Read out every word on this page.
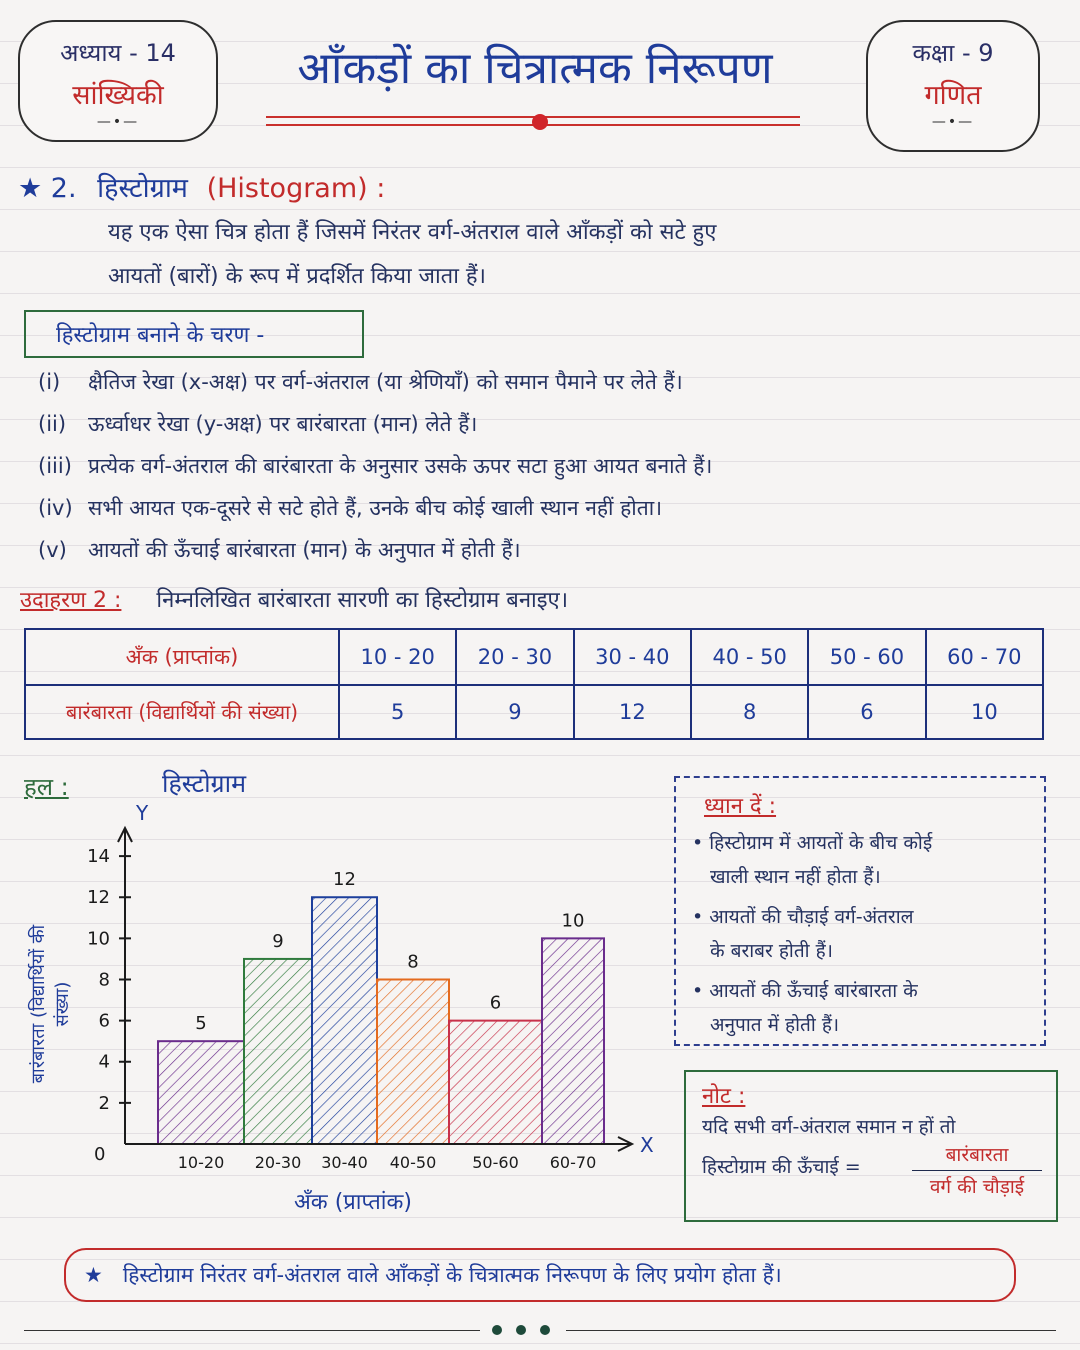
अध्याय - 14
सांख्यिकी
—•—
आँकड़ों का चित्रात्मक निरूपण	कक्षा - 9
गणित
—•—
★ 2. हिस्टोग्राम (Histogram) :
यह एक ऐसा चित्र होता हैं जिसमें निरंतर वर्ग-अंतराल वाले आँकड़ों को सटे हुए
आयतों (बारों) के रूप में प्रदर्शित किया जाता हैं।
हिस्टोग्राम बनाने के चरण -
(i) क्षैतिज रेखा (x-अक्ष) पर वर्ग-अंतराल (या श्रेणियाँ) को समान पैमाने पर लेते हैं।
(ii) ऊर्ध्वाधर रेखा (y-अक्ष) पर बारंबारता (मान) लेते हैं।
(iii) प्रत्येक वर्ग-अंतराल की बारंबारता के अनुसार उसके ऊपर सटा हुआ आयत बनाते हैं।
(iv) सभी आयत एक-दूसरे से सटे होते हैं, उनके बीच कोई खाली स्थान नहीं होता।
(v) आयतों की ऊँचाई बारंबारता (मान) के अनुपात में होती हैं।
उदाहरण 2 : निम्नलिखित बारंबारता सारणी का हिस्टोग्राम बनाइए।
अँक (प्राप्तांक)	10 - 20	20 - 30	30 - 40	40 - 50	50 - 60	60 - 70
बारंबारता (विद्यार्थियों की संख्या)	5	9	12	8	6	10
हल :	हिस्टोग्राम
बारंबारता (विद्यार्थियों की संख्या)
अँक (प्राप्तांक)
5
9
12
8
6
10
10-20 20-30 30-40 40-50 50-60 60-70
2
4
6
8
10
12
14
Y
X
0
ध्यान दें :
• हिस्टोग्राम में आयतों के बीच कोई
खाली स्थान नहीं होता हैं।
• आयतों की चौड़ाई वर्ग-अंतराल
के बराबर होती हैं।
• आयतों की ऊँचाई बारंबारता के
अनुपात में होती हैं।
नोट :
यदि सभी वर्ग-अंतराल समान न हों तो
हिस्टोग्राम की ऊँचाई =
बारंबारता
वर्ग की चौड़ाई
★ हिस्टोग्राम निरंतर वर्ग-अंतराल वाले आँकड़ों के चित्रात्मक निरूपण के लिए प्रयोग होता हैं।
